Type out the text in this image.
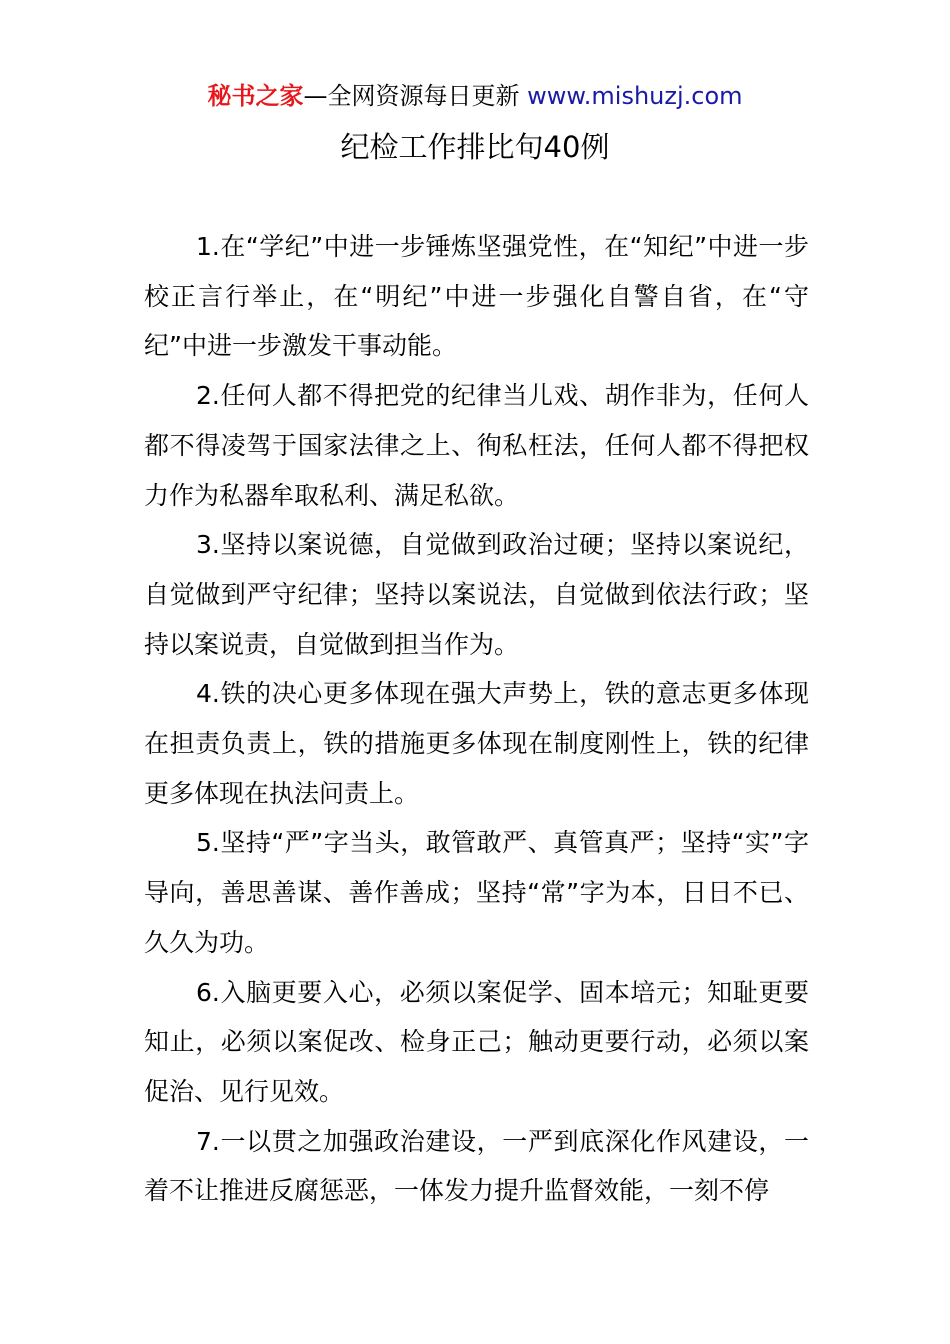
秘书之家—全网资源每日更新 www.mishuzj.com
纪检工作排比句40例

1.在“学纪”中进一步锤炼坚强党性，在“知纪”中进一步校正言行举止，在“明纪”中进一步强化自警自省，在“守纪”中进一步激发干事动能。

2.任何人都不得把党的纪律当儿戏、胡作非为，任何人都不得凌驾于国家法律之上、徇私枉法，任何人都不得把权力作为私器牟取私利、满足私欲。

3.坚持以案说德，自觉做到政治过硬；坚持以案说纪，自觉做到严守纪律；坚持以案说法，自觉做到依法行政；坚持以案说责，自觉做到担当作为。

4.铁的决心更多体现在强大声势上，铁的意志更多体现在担责负责上，铁的措施更多体现在制度刚性上，铁的纪律更多体现在执法问责上。

5.坚持“严”字当头，敢管敢严、真管真严；坚持“实”字导向，善思善谋、善作善成；坚持“常”字为本，日日不已、久久为功。

6.入脑更要入心，必须以案促学、固本培元；知耻更要知止，必须以案促改、检身正己；触动更要行动，必须以案促治、见行见效。

7.一以贯之加强政治建设，一严到底深化作风建设，一着不让推进反腐惩恶，一体发力提升监督效能，一刻不停
